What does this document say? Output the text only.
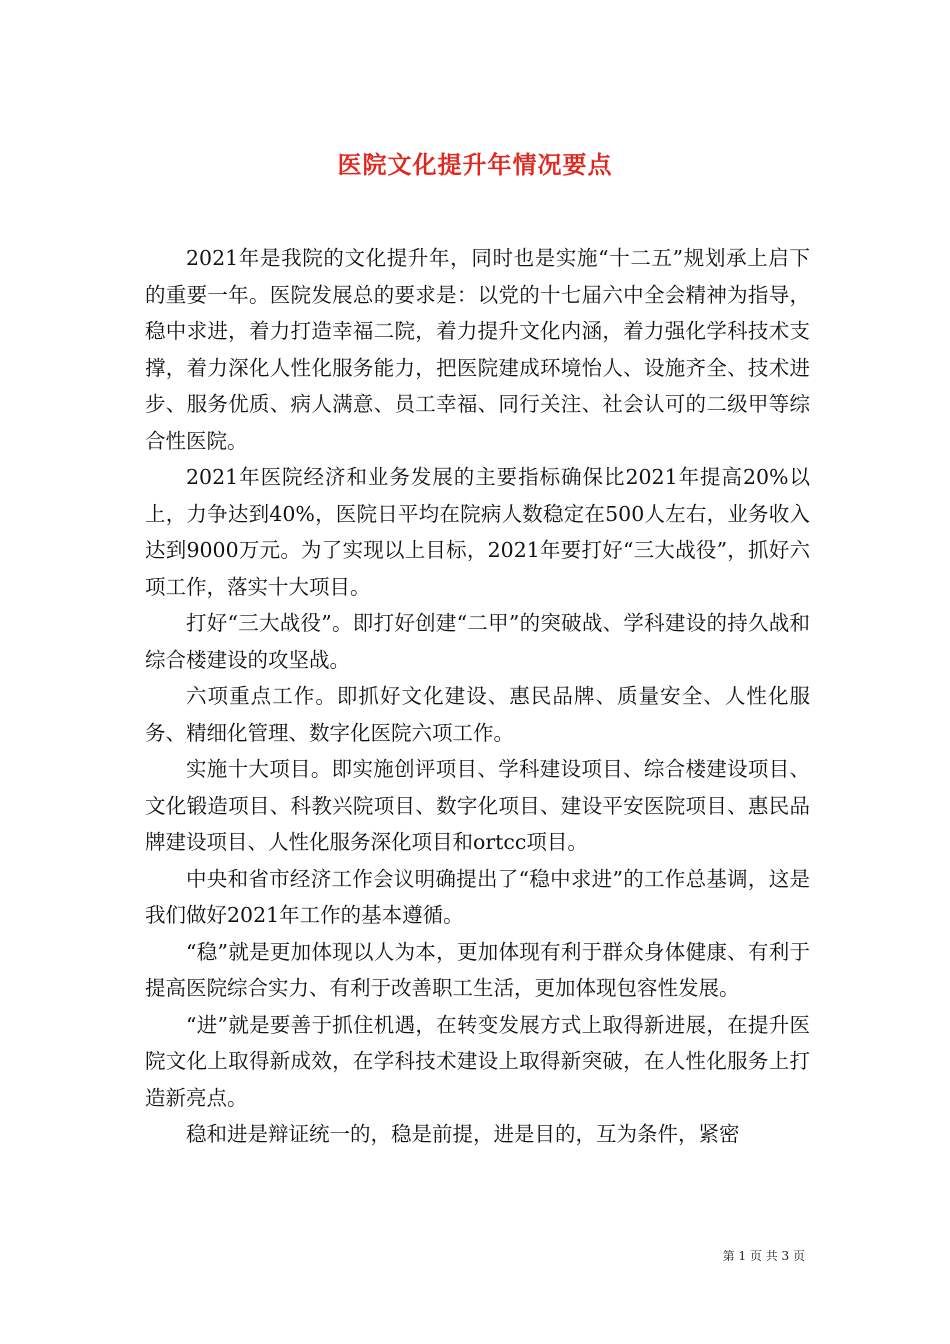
医院文化提升年情况要点

2021年是我院的文化提升年，同时也是实施“十二五”规划承上启下的重要一年。医院发展总的要求是：以党的十七届六中全会精神为指导，稳中求进，着力打造幸福二院，着力提升文化内涵，着力强化学科技术支撑，着力深化人性化服务能力，把医院建成环境怡人、设施齐全、技术进步、服务优质、病人满意、员工幸福、同行关注、社会认可的二级甲等综合性医院。

2021年医院经济和业务发展的主要指标确保比2021年提高20%以上，力争达到40%，医院日平均在院病人数稳定在500人左右，业务收入达到9000万元。为了实现以上目标，2021年要打好“三大战役”，抓好六项工作，落实十大项目。

打好“三大战役”。即打好创建“二甲”的突破战、学科建设的持久战和综合楼建设的攻坚战。

六项重点工作。即抓好文化建设、惠民品牌、质量安全、人性化服务、精细化管理、数字化医院六项工作。

实施十大项目。即实施创评项目、学科建设项目、综合楼建设项目、文化锻造项目、科教兴院项目、数字化项目、建设平安医院项目、惠民品牌建设项目、人性化服务深化项目和ortcc项目。

中央和省市经济工作会议明确提出了“稳中求进”的工作总基调，这是我们做好2021年工作的基本遵循。

“稳”就是更加体现以人为本，更加体现有利于群众身体健康、有利于提高医院综合实力、有利于改善职工生活，更加体现包容性发展。

“进”就是要善于抓住机遇，在转变发展方式上取得新进展，在提升医院文化上取得新成效，在学科技术建设上取得新突破，在人性化服务上打造新亮点。

稳和进是辩证统一的，稳是前提，进是目的，互为条件，紧密

第 1 页 共 3 页
